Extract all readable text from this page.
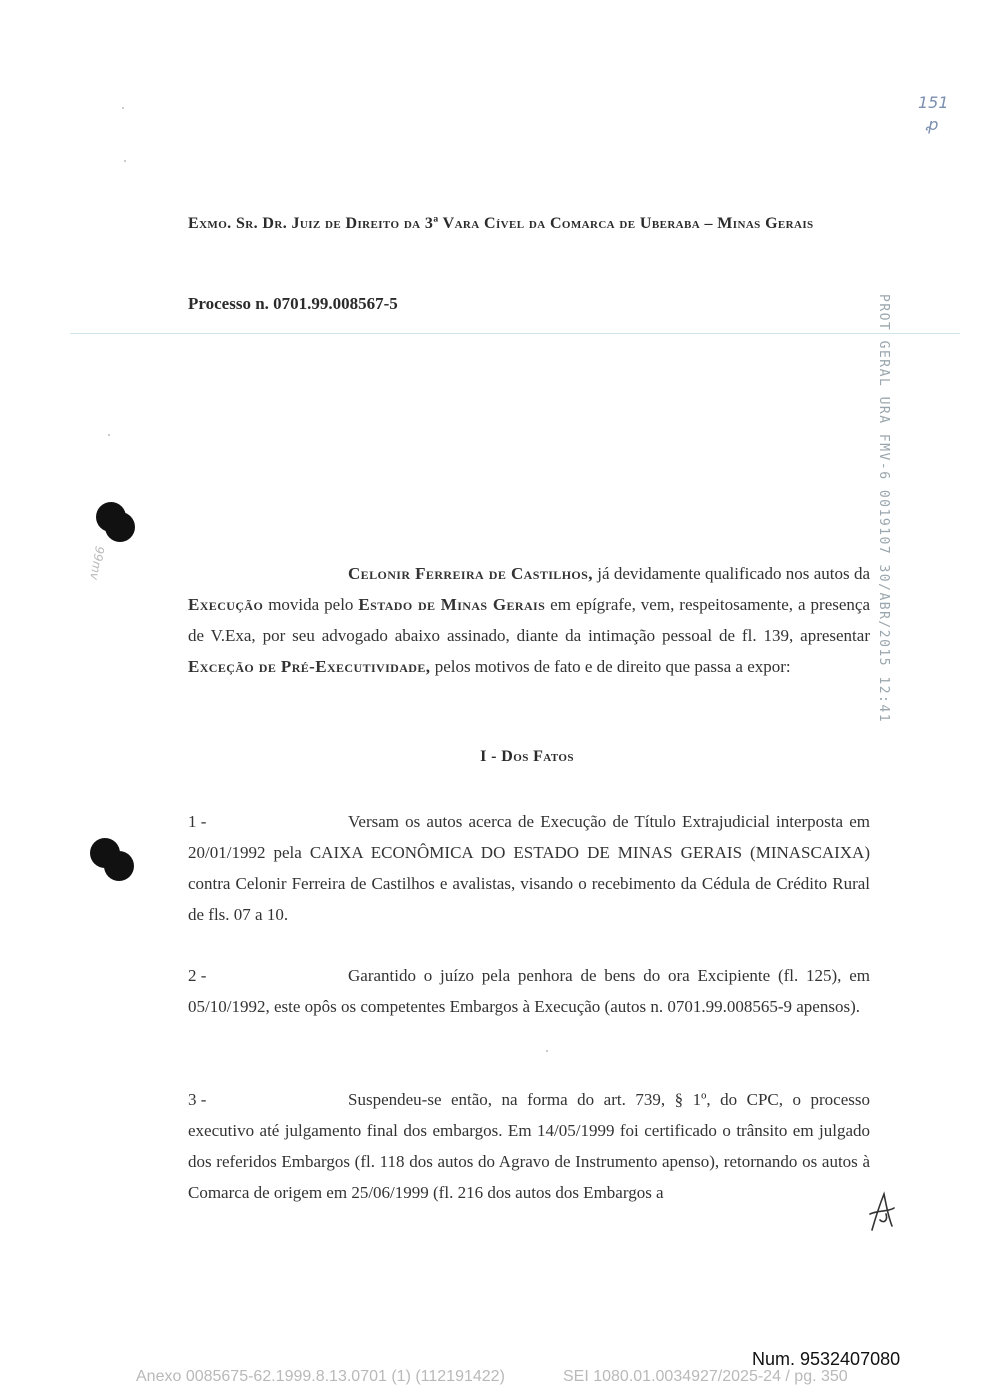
151
ꝓ
Exmo. Sr. Dr. Juiz de Direito da 3ª Vara Cível da Comarca de Uberaba – Minas Gerais
Processo n. 0701.99.008567-5	PROT GERAL URA FMV-6 0019107 30/ABR/2015 12:41
99mv	Celonir Ferreira de Castilhos, já devidamente qualificado nos autos da Execução movida pelo Estado de Minas Gerais em epígrafe, vem, respeitosamente, a presença de V.Exa, por seu advogado abaixo assinado, diante da intimação pessoal de fl. 139, apresentar Exceção de Pré-Executividade, pelos motivos de fato e de direito que passa a expor:
I - Dos Fatos
1 -	Versam os autos acerca de Execução de Título Extrajudicial interposta em 20/01/1992 pela CAIXA ECONÔMICA DO ESTADO DE MINAS GERAIS (MINASCAIXA) contra Celonir Ferreira de Castilhos e avalistas, visando o recebimento da Cédula de Crédito Rural de fls. 07 a 10.
2 -	Garantido o juízo pela penhora de bens do ora Excipiente (fl. 125), em 05/10/1992, este opôs os competentes Embargos à Execução (autos n. 0701.99.008565-9 apensos).
3 -	Suspendeu-se então, na forma do art. 739, § 1º, do CPC, o processo executivo até julgamento final dos embargos. Em 14/05/1999 foi certificado o trânsito em julgado dos referidos Embargos (fl. 118 dos autos do Agravo de Instrumento apenso), retornando os autos à Comarca de origem em 25/06/1999 (fl. 216 dos autos dos Embargos a
Num. 9532407080
Anexo 0085675-62.1999.8.13.0701 (1) (112191422)	SEI 1080.01.0034927/2025-24 / pg. 350
